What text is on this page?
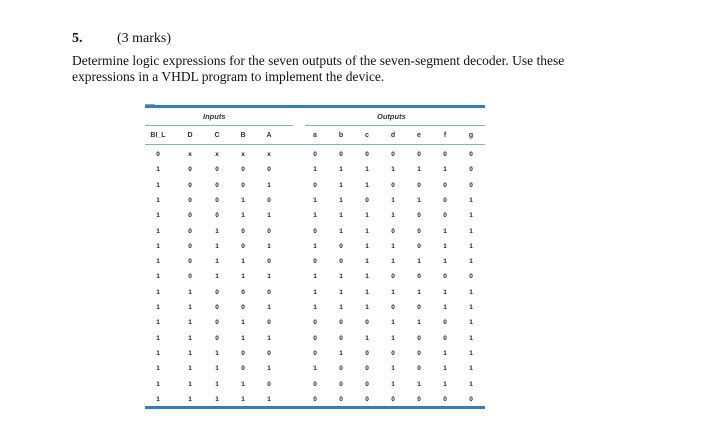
5. (3 marks)
Determine logic expressions for the seven outputs of the seven-segment decoder. Use these expressions in a VHDL program to implement the device.
Inputs	Outputs
BI_L	D	C	B	A	a	b	c	d	e	f	g
0	x	x	x	x	0	0	0	0	0	0	0
1	0	0	0	0	1	1	1	1	1	1	0
1	0	0	0	1	0	1	1	0	0	0	0
1	0	0	1	0	1	1	0	1	1	0	1
1	0	0	1	1	1	1	1	1	0	0	1
1	0	1	0	0	0	1	1	0	0	1	1
1	0	1	0	1	1	0	1	1	0	1	1
1	0	1	1	0	0	0	1	1	1	1	1
1	0	1	1	1	1	1	1	0	0	0	0
1	1	0	0	0	1	1	1	1	1	1	1
1	1	0	0	1	1	1	1	0	0	1	1
1	1	0	1	0	0	0	0	1	1	0	1
1	1	0	1	1	0	0	1	1	0	0	1
1	1	1	0	0	0	1	0	0	0	1	1
1	1	1	0	1	1	0	0	1	0	1	1
1	1	1	1	0	0	0	0	1	1	1	1
1	1	1	1	1	0	0	0	0	0	0	0
